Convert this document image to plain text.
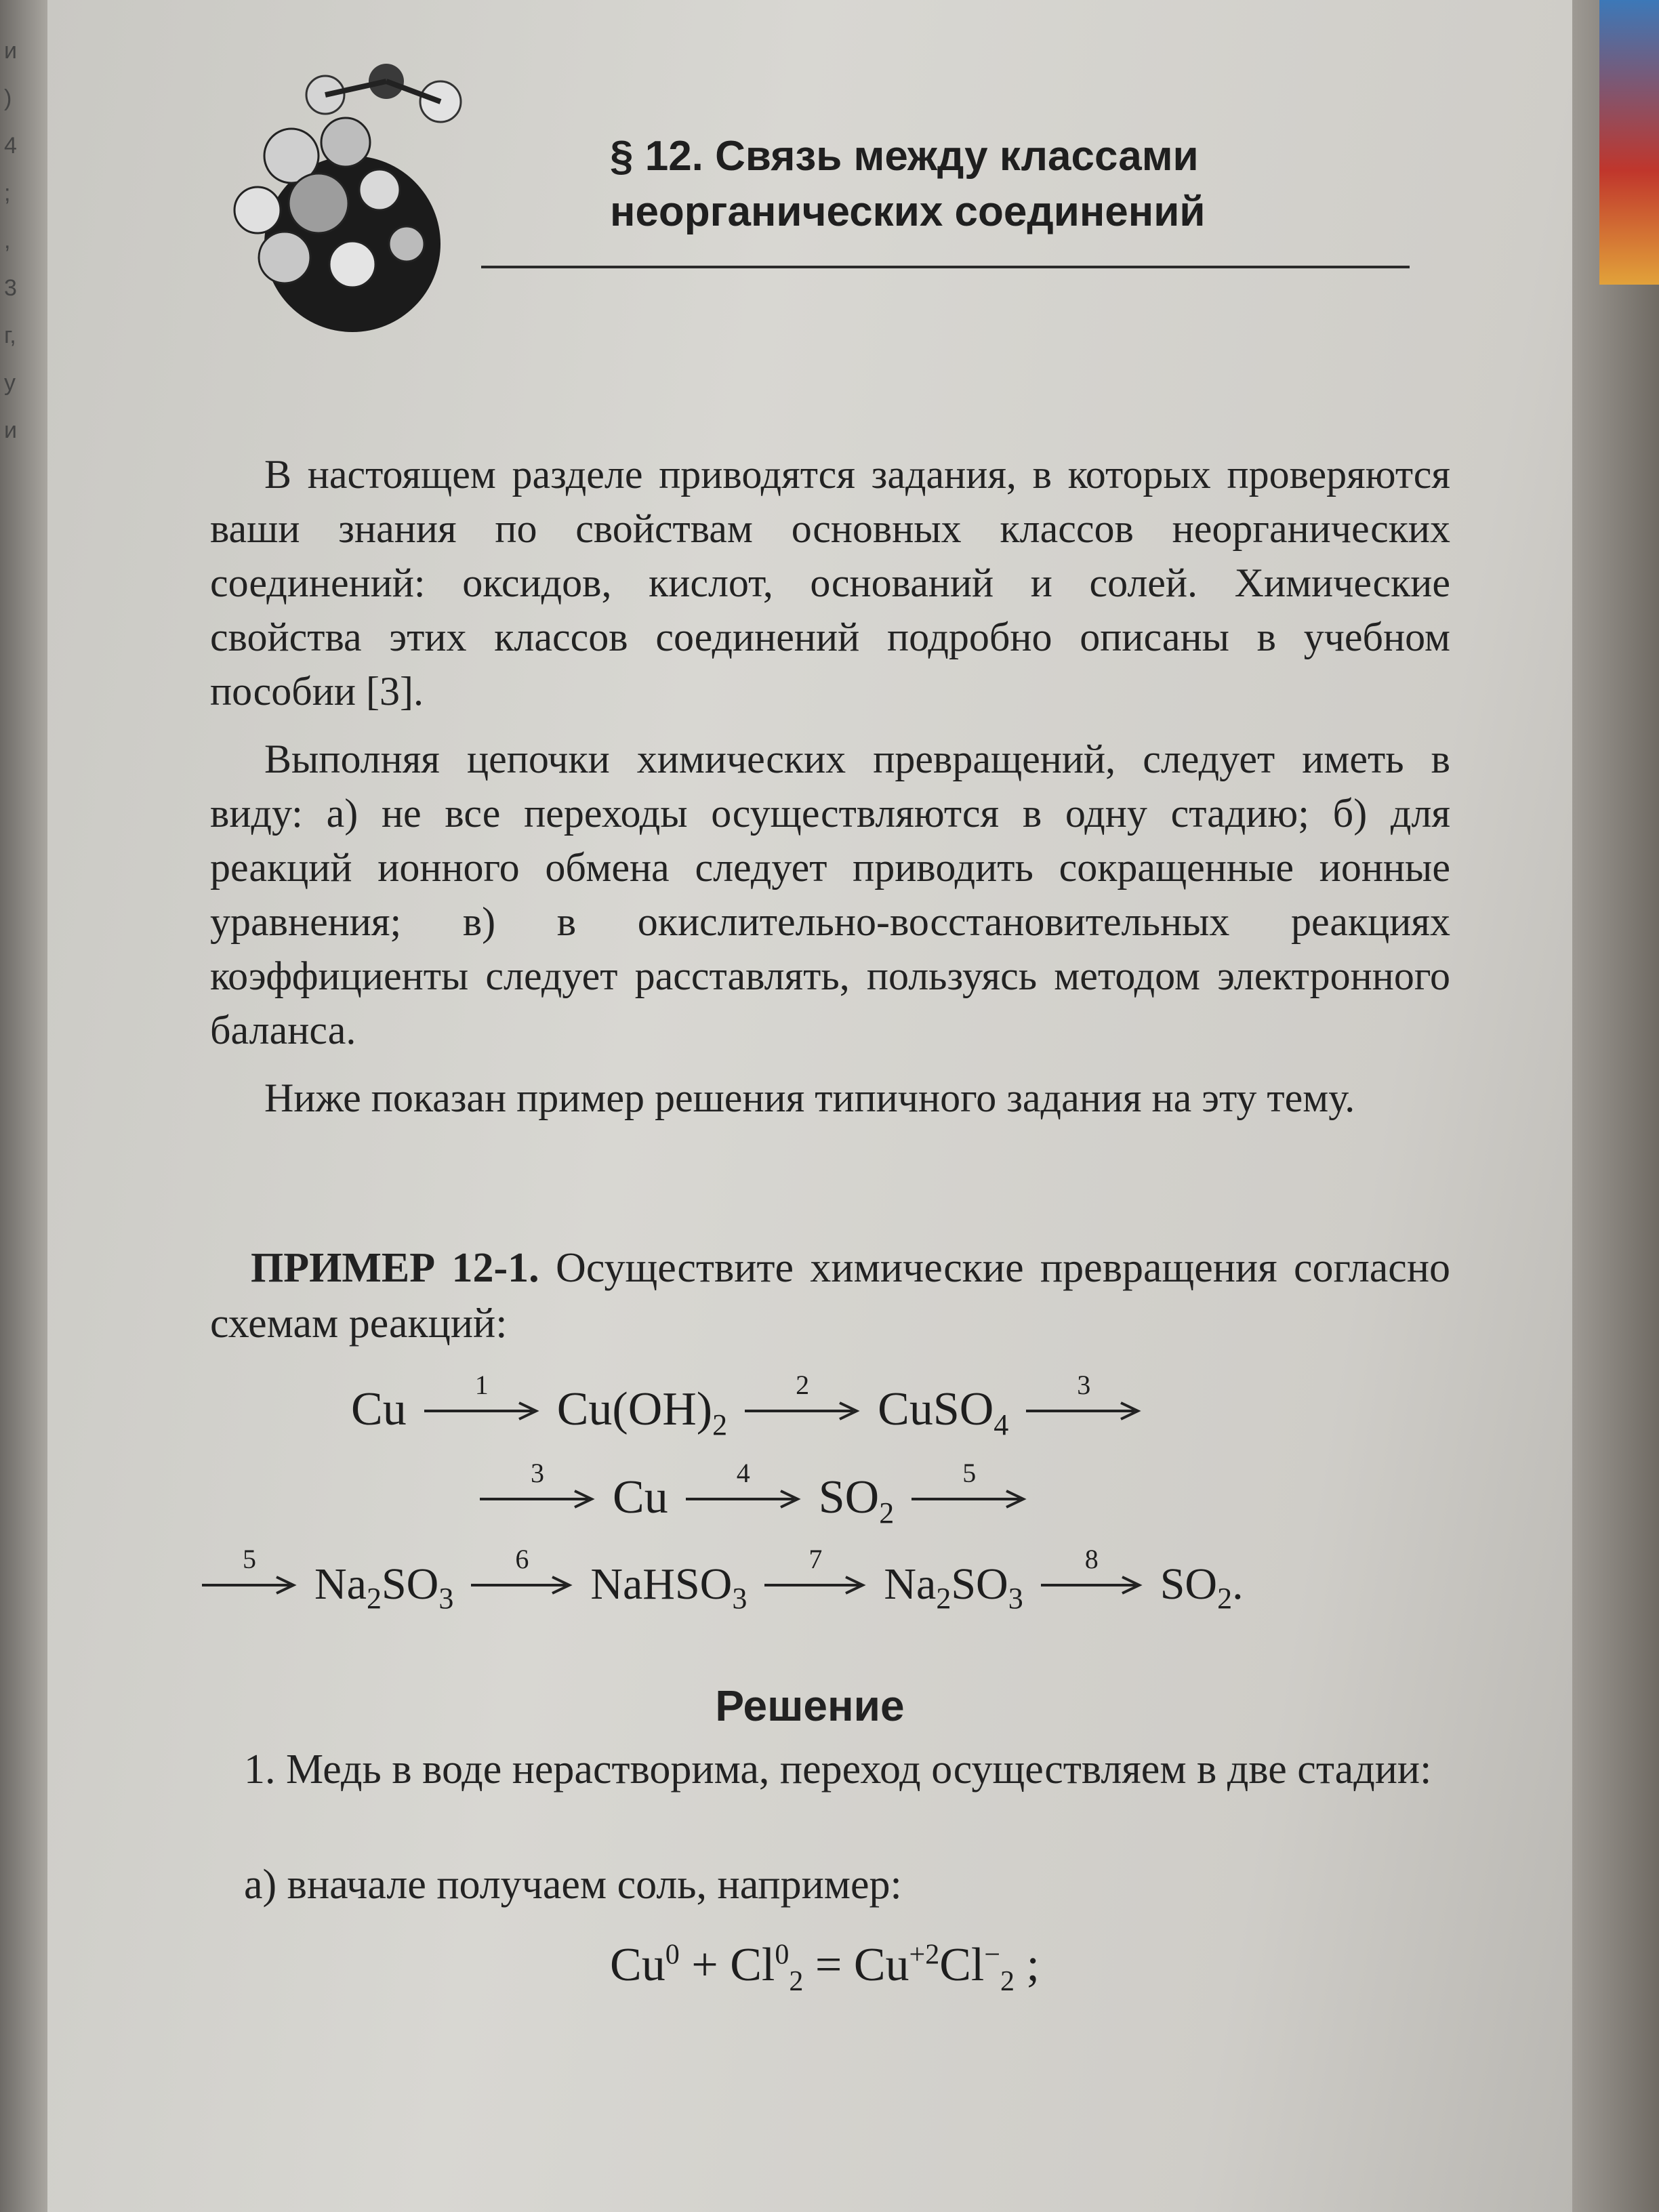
и
)
4
;
,
3
г,
у
и
§ 12. Связь между классами
неорганических соединений

В настоящем разделе приводятся задания, в которых проверяются ваши знания по свойствам основных классов неорганических соединений: оксидов, кислот, оснований и солей. Химические свойства этих классов соединений подробно описаны в учебном пособии [3].

Выполняя цепочки химических превращений, следует иметь в виду: а) не все переходы осуществляются в одну стадию; б) для реакций ионного обмена следует приводить сокращенные ионные уравнения; в) в окислительно-восстановительных реакциях коэффициенты следует расставлять, пользуясь методом электронного баланса.

Ниже показан пример решения типичного задания на эту тему.

ПРИМЕР 12-1. Осуществите химические превращения согласно схемам реакций:
Cu	1	$Cu(OH)_2$
2	CuSO$_4$
3
3	Cu	4	$SO_2$
5
5
$Na_2SO_3$
6
NaHSO$_3$
7
$Na_2SO_3$
8
$SO_2$.
Решение
1. Медь в воде нерастворима, переход осуществляем в две стадии:
а) вначале получаем соль, например:
$Cu^0 + Cl^0_2 = Cu^{+2}Cl^-_2$ ;
